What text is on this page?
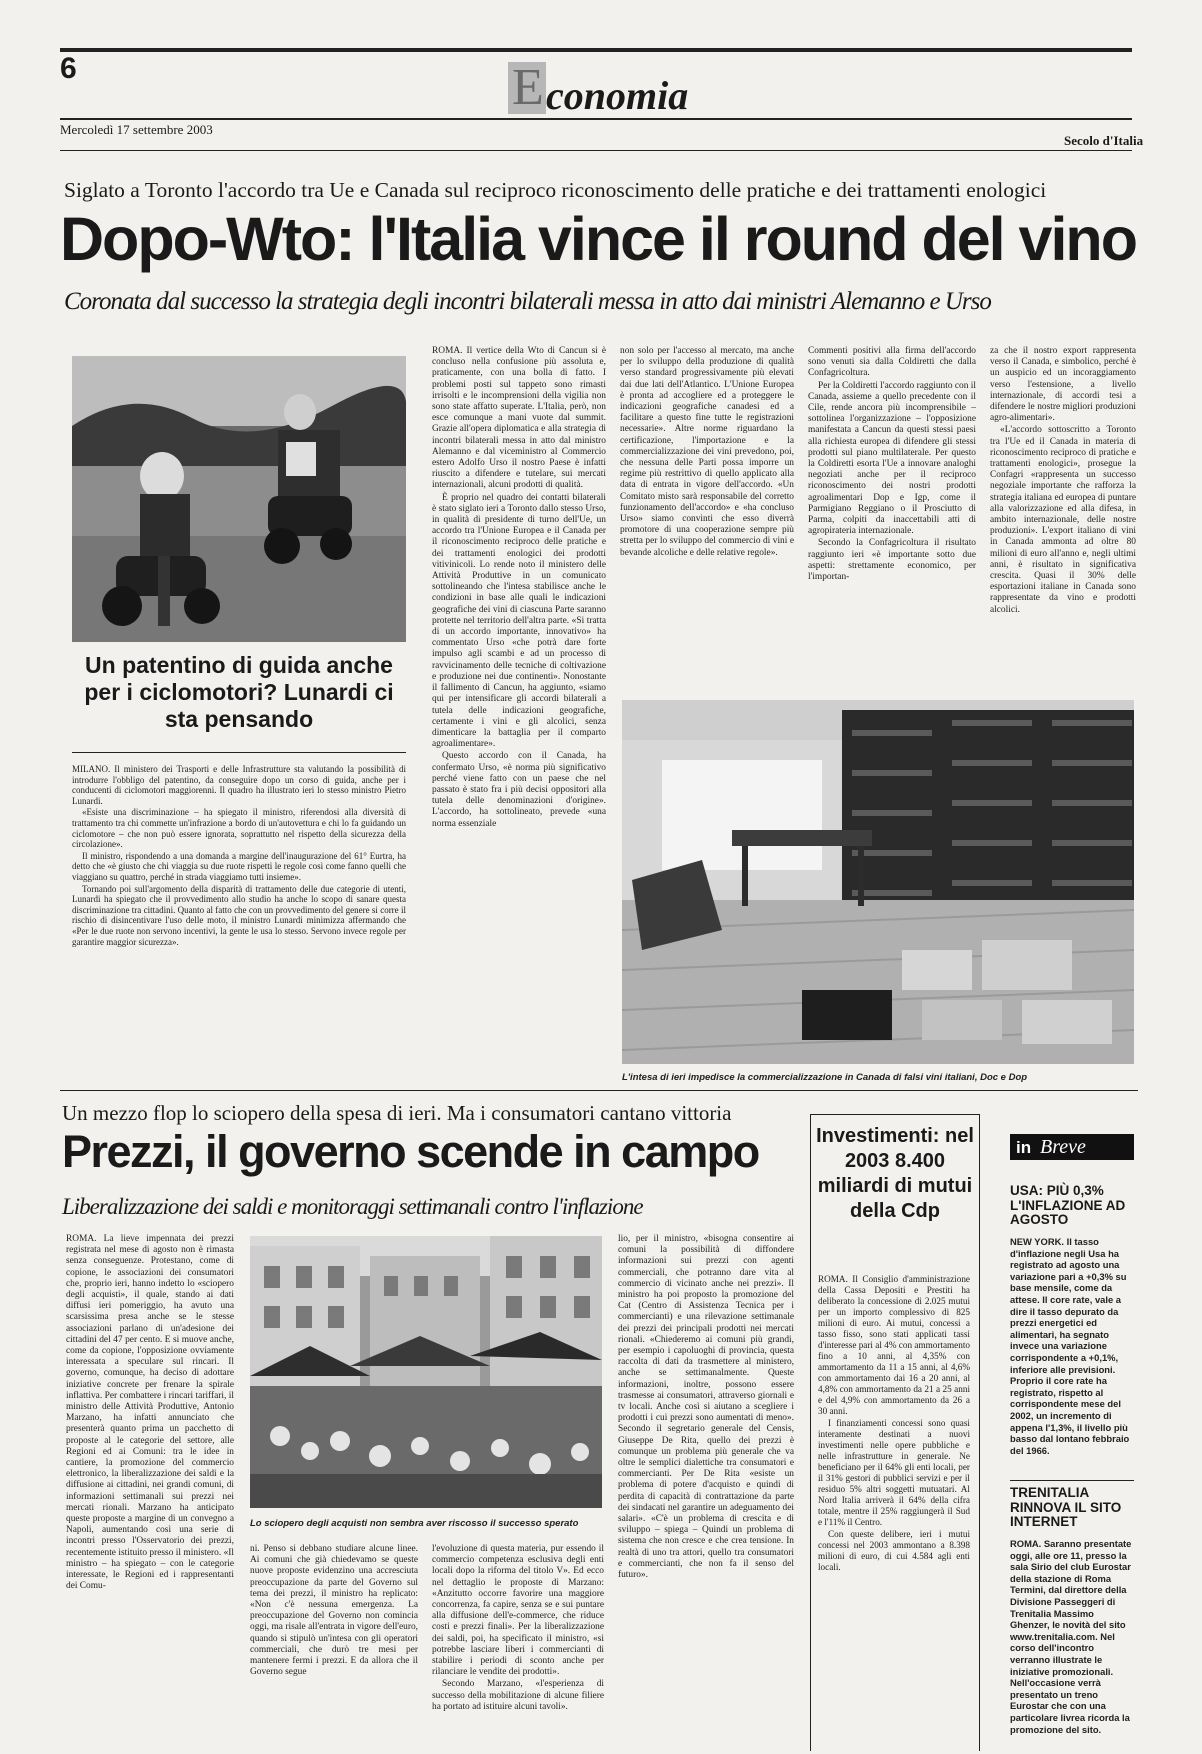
6	E conomia
Mercoledì 17 settembre 2003
Secolo d'Italia
Siglato a Toronto l'accordo tra Ue e Canada sul reciproco riconoscimento delle pratiche e dei trattamenti enologici
Dopo-Wto: l'Italia vince il round del vino
Coronata dal successo la strategia degli incontri bilaterali messa in atto dai ministri Alemanno e Urso
Un patentino di guida anche per i ciclomotori? Lunardi ci sta pensando

MILANO. Il ministero dei Trasporti e delle Infrastrutture sta valutando la possibilità di introdurre l'obbligo del patentino, da conseguire dopo un corso di guida, anche per i conducenti di ciclomotori maggiorenni. Il quadro ha illustrato ieri lo stesso ministro Pietro Lunardi.

«Esiste una discriminazione – ha spiegato il ministro, riferendosi alla diversità di trattamento tra chi commette un'infrazione a bordo di un'autovettura e chi lo fa guidando un ciclomotore – che non può essere ignorata, soprattutto nel rispetto della sicurezza della circolazione».

Il ministro, rispondendo a una domanda a margine dell'inaugurazione del 61° Eurtra, ha detto che «è giusto che chi viaggia su due ruote rispetti le regole così come fanno quelli che viaggiano su quattro, perché in strada viaggiamo tutti insieme».

Tornando poi sull'argomento della disparità di trattamento delle due categorie di utenti, Lunardi ha spiegato che il provvedimento allo studio ha anche lo scopo di sanare questa discriminazione tra cittadini. Quanto al fatto che con un provvedimento del genere si corre il rischio di disincentivare l'uso delle moto, il ministro Lunardi minimizza affermando che «Per le due ruote non servono incentivi, la gente le usa lo stesso. Servono invece regole per garantire maggior sicurezza».

ROMA. Il vertice della Wto di Cancun si è concluso nella confusione più assoluta e, praticamente, con una bolla di fatto. I problemi posti sul tappeto sono rimasti irrisolti e le incomprensioni della vigilia non sono state affatto superate. L'Italia, però, non esce comunque a mani vuote dal summit. Grazie all'opera diplomatica e alla strategia di incontri bilaterali messa in atto dal ministro Alemanno e dal viceministro al Commercio estero Adolfo Urso il nostro Paese è infatti riuscito a difendere e tutelare, sui mercati internazionali, alcuni prodotti di qualità.

È proprio nel quadro dei contatti bilaterali è stato siglato ieri a Toronto dallo stesso Urso, in qualità di presidente di turno dell'Ue, un accordo tra l'Unione Europea e il Canada per il riconoscimento reciproco delle pratiche e dei trattamenti enologici dei prodotti vitivinicoli. Lo rende noto il ministero delle Attività Produttive in un comunicato sottolineando che l'intesa stabilisce anche le condizioni in base alle quali le indicazioni geografiche dei vini di ciascuna Parte saranno protette nel territorio dell'altra parte. «Si tratta di un accordo importante, innovativo» ha commentato Urso «che potrà dare forte impulso agli scambi e ad un processo di ravvicinamento delle tecniche di coltivazione e produzione nei due continenti». Nonostante il fallimento di Cancun, ha aggiunto, «siamo qui per intensificare gli accordi bilaterali a tutela delle indicazioni geografiche, certamente i vini e gli alcolici, senza dimenticare la battaglia per il comparto agroalimentare».

Questo accordo con il Canada, ha confermato Urso, «è norma più significativo perché viene fatto con un paese che nel passato è stato fra i più decisi oppositori alla tutela delle denominazioni d'origine». L'accordo, ha sottolineato, prevede «una norma essenziale

non solo per l'accesso al mercato, ma anche per lo sviluppo della produzione di qualità verso standard progressivamente più elevati dai due lati dell'Atlantico. L'Unione Europea è pronta ad accogliere ed a proteggere le indicazioni geografiche canadesi ed a facilitare a questo fine tutte le registrazioni necessarie». Altre norme riguardano la certificazione, l'importazione e la commercializzazione dei vini prevedono, poi, che nessuna delle Parti possa imporre un regime più restrittivo di quello applicato alla data di entrata in vigore dell'accordo. «Un Comitato misto sarà responsabile del corretto funzionamento dell'accordo» e «ha concluso Urso» siamo convinti che esso diverrà promotore di una cooperazione sempre più stretta per lo sviluppo del commercio di vini e bevande alcoliche e delle relative regole».

Commenti positivi alla firma dell'accordo sono venuti sia dalla Coldiretti che dalla Confagricoltura.

Per la Coldiretti l'accordo raggiunto con il Canada, assieme a quello precedente con il Cile, rende ancora più incomprensibile – sottolinea l'organizzazione – l'opposizione manifestata a Cancun da questi stessi paesi alla richiesta europea di difendere gli stessi prodotti sul piano multilaterale. Per questo la Coldiretti esorta l'Ue a innovare analoghi negoziati anche per il reciproco riconoscimento dei nostri prodotti agroalimentari Dop e Igp, come il Parmigiano Reggiano o il Prosciutto di Parma, colpiti da inaccettabili atti di agropirateria internazionale.

Secondo la Confagricoltura il risultato raggiunto ieri «è importante sotto due aspetti: strettamente economico, per l'importan-

za che il nostro export rappresenta verso il Canada, e simbolico, perché è un auspicio ed un incoraggiamento verso l'estensione, a livello internazionale, di accordi tesi a difendere le nostre migliori produzioni agro-alimentari».

«L'accordo sottoscritto a Toronto tra l'Ue ed il Canada in materia di riconoscimento reciproco di pratiche e trattamenti enologici», prosegue la Confagri «rappresenta un successo negoziale importante che rafforza la strategia italiana ed europea di puntare alla valorizzazione ed alla difesa, in ambito internazionale, delle nostre produzioni». L'export italiano di vini in Canada ammonta ad oltre 80 milioni di euro all'anno e, negli ultimi anni, è risultato in significativa crescita. Quasi il 30% delle esportazioni italiane in Canada sono rappresentate da vino e prodotti alcolici.

L'intesa di ieri impedisce la commercializzazione in Canada di falsi vini italiani, Doc e Dop
Un mezzo flop lo sciopero della spesa di ieri. Ma i consumatori cantano vittoria
Prezzi, il governo scende in campo
Liberalizzazione dei saldi e monitoraggi settimanali contro l'inflazione

ROMA. La lieve impennata dei prezzi registrata nel mese di agosto non è rimasta senza conseguenze. Protestano, come di copione, le associazioni dei consumatori che, proprio ieri, hanno indetto lo «sciopero degli acquisti», il quale, stando ai dati diffusi ieri pomeriggio, ha avuto una scarsissima presa anche se le stesse associazioni parlano di un'adesione dei cittadini del 47 per cento. E si muove anche, come da copione, l'opposizione ovviamente interessata a speculare sul rincari. Il governo, comunque, ha deciso di adottare iniziative concrete per frenare la spirale inflattiva. Per combattere i rincari tariffari, il ministro delle Attività Produttive, Antonio Marzano, ha infatti annunciato che presenterà quanto prima un pacchetto di proposte al le categorie del settore, alle Regioni ed ai Comuni: tra le idee in cantiere, la promozione del commercio elettronico, la liberalizzazione dei saldi e la diffusione ai cittadini, nei grandi comuni, di informazioni settimanali sui prezzi nei mercati rionali. Marzano ha anticipato queste proposte a margine di un convegno a Napoli, aumentando così una serie di incontri presso l'Osservatorio dei prezzi, recentemente istituito presso il ministero. «Il ministro – ha spiegato – con le categorie interessate, le Regioni ed i rappresentanti dei Comu-

Lo sciopero degli acquisti non sembra aver riscosso il successo sperato

ni. Penso si debbano studiare alcune linee. Ai comuni che già chiedevamo se queste nuove proposte evidenzino una accresciuta preoccupazione da parte del Governo sul tema dei prezzi, il ministro ha replicato: «Non c'è nessuna emergenza. La preoccupazione del Governo non comincia oggi, ma risale all'entrata in vigore dell'euro, quando si stipulò un'intesa con gli operatori commerciali, che durò tre mesi per mantenere fermi i prezzi. E da allora che il Governo segue

l'evoluzione di questa materia, pur essendo il commercio competenza esclusiva degli enti locali dopo la riforma del titolo V». Ed ecco nel dettaglio le proposte di Marzano: «Anzitutto occorre favorire una maggiore concorrenza, fa capire, senza se e sui puntare alla diffusione dell'e-commerce, che riduce costi e prezzi finali». Per la liberalizzazione dei saldi, poi, ha specificato il ministro, «si potrebbe lasciare liberi i commercianti di stabilire i periodi di sconto anche per rilanciare le vendite dei prodotti».

Secondo Marzano, «l'esperienza di successo della mobilitazione di alcune filiere ha portato ad istituire alcuni tavoli».

lio, per il ministro, «bisogna consentire ai comuni la possibilità di diffondere informazioni sui prezzi con agenti commerciali, che potranno dare vita al commercio di vicinato anche nei prezzi». Il ministro ha poi proposto la promozione del Cat (Centro di Assistenza Tecnica per i commercianti) e una rilevazione settimanale dei prezzi dei principali prodotti nei mercati rionali. «Chiederemo ai comuni più grandi, per esempio i capoluoghi di provincia, questa raccolta di dati da trasmettere al ministero, anche se settimanalmente. Queste informazioni, inoltre, possono essere trasmesse ai consumatori, attraverso giornali e tv locali. Anche così si aiutano a scegliere i prodotti i cui prezzi sono aumentati di meno». Secondo il segretario generale del Censis, Giuseppe De Rita, quello dei prezzi è comunque un problema più generale che va oltre le semplici dialettiche tra consumatori e commercianti. Per De Rita «esiste un problema di potere d'acquisto e quindi di perdita di capacità di contrattazione da parte dei sindacati nel garantire un adeguamento dei salari». «C'è un problema di crescita e di sviluppo – spiega – Quindi un problema di sistema che non cresce e che crea tensione. In realtà di uno tra attori, quello tra consumatori e commercianti, che non fa il senso del futuro».

Investimenti: nel 2003 8.400 miliardi di mutui della Cdp

ROMA. Il Consiglio d'amministrazione della Cassa Depositi e Prestiti ha deliberato la concessione di 2.025 mutui per un importo complessivo di 825 milioni di euro. Ai mutui, concessi a tasso fisso, sono stati applicati tassi d'interesse pari al 4% con ammortamento fino a 10 anni, al 4,35% con ammortamento da 11 a 15 anni, al 4,6% con ammortamento dai 16 a 20 anni, al 4,8% con ammortamento da 21 a 25 anni e del 4,9% con ammortamento da 26 a 30 anni.

I finanziamenti concessi sono quasi interamente destinati a nuovi investimenti nelle opere pubbliche e nelle infrastrutture in generale. Ne beneficiano per il 64% gli enti locali, per il 31% gestori di pubblici servizi e per il residuo 5% altri soggetti mutuatari. Al Nord Italia arriverà il 64% della cifra totale, mentre il 25% raggiungerà il Sud e l'11% il Centro.

Con queste delibere, ieri i mutui concessi nel 2003 ammontano a 8.398 milioni di euro, di cui 4.584 agli enti locali.

in Breve
USA: PIÙ 0,3% L'INFLAZIONE AD AGOSTO

NEW YORK. Il tasso d'inflazione negli Usa ha registrato ad agosto una variazione pari a +0,3% su base mensile, come da attese. Il core rate, vale a dire il tasso depurato da prezzi energetici ed alimentari, ha segnato invece una variazione corrispondente a +0,1%, inferiore alle previsioni. Proprio il core rate ha registrato, rispetto al corrispondente mese del 2002, un incremento di appena l'1,3%, il livello più basso dal lontano febbraio del 1966.

TRENITALIA RINNOVA IL SITO INTERNET

ROMA. Saranno presentate oggi, alle ore 11, presso la sala Sirio del club Eurostar della stazione di Roma Termini, dal direttore della Divisione Passeggeri di Trenitalia Massimo Ghenzer, le novità del sito www.trenitalia.com. Nel corso dell'incontro verranno illustrate le iniziative promozionali. Nell'occasione verrà presentato un treno Eurostar che con una particolare livrea ricorda la promozione del sito.
